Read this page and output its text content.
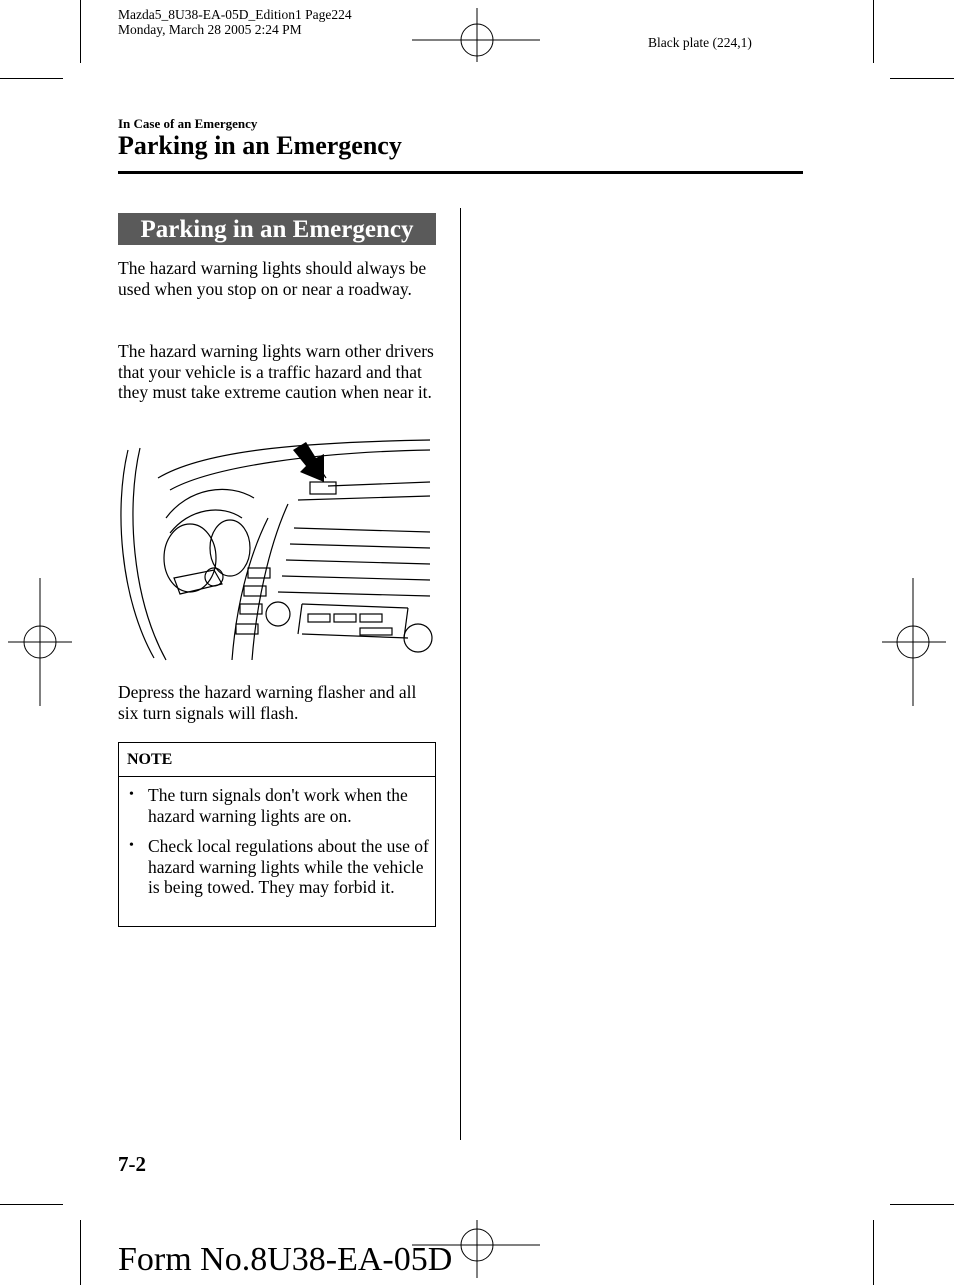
Mazda5_8U38-EA-05D_Edition1 Page224
Monday, March 28 2005 2:24 PM
Black plate (224,1)
In Case of an Emergency
Parking in an Emergency
Parking in an Emergency
The hazard warning lights should always be used when you stop on or near a roadway.
The hazard warning lights warn other drivers that your vehicle is a traffic hazard and that they must take extreme caution when near it.
Depress the hazard warning flasher and all six turn signals will flash.
NOTE
• The turn signals don't work when the hazard warning lights are on.
• Check local regulations about the use of hazard warning lights while the vehicle is being towed. They may forbid it.
7-2
Form No.8U38-EA-05D
